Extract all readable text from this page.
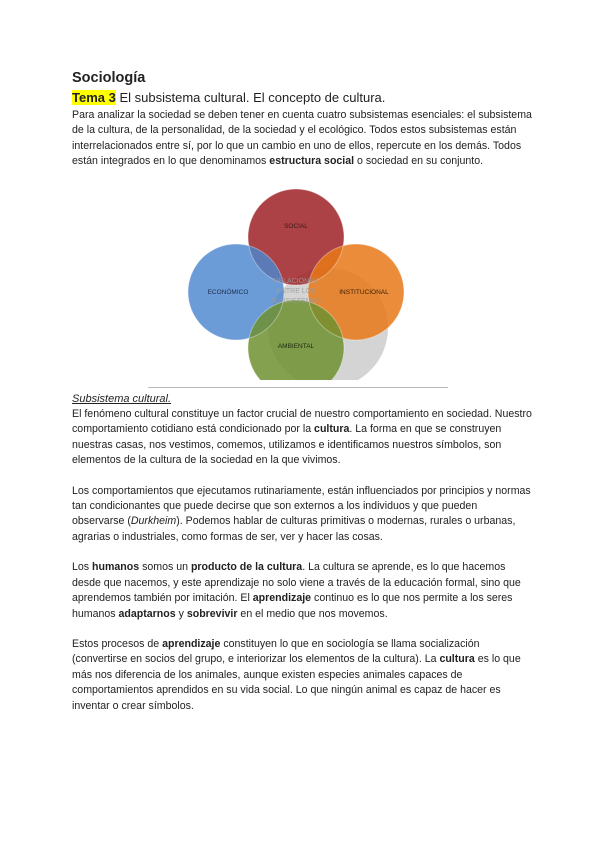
Sociología
Tema 3 El subsistema cultural. El concepto de cultura.

Para analizar la sociedad se deben tener en cuenta cuatro subsistemas esenciales: el subsistema de la cultura, de la personalidad, de la sociedad y el ecológico. Todos estos subsistemas están interrelacionados entre sí, por lo que un cambio en uno de ellos, repercute en los demás. Todos están integrados en lo que denominamos estructura social o sociedad en su conjunto.

SOCIAL
ECONÓMICO	INSTITUCIONAL
AMBIENTAL
RELACIONES
ENTRE LOS
SUBSISTEMAS
Subsistema cultural.

El fenómeno cultural constituye un factor crucial de nuestro comportamiento en sociedad. Nuestro comportamiento cotidiano está condicionado por la cultura. La forma en que se construyen nuestras casas, nos vestimos, comemos, utilizamos e identificamos nuestros símbolos, son elementos de la cultura de la sociedad en la que vivimos.

Los comportamientos que ejecutamos rutinariamente, están influenciados por principios y normas tan condicionantes que puede decirse que son externos a los individuos y que pueden observarse (Durkheim). Podemos hablar de culturas primitivas o modernas, rurales o urbanas, agrarias o industriales, como formas de ser, ver y hacer las cosas.

Los humanos somos un producto de la cultura. La cultura se aprende, es lo que hacemos desde que nacemos, y este aprendizaje no solo viene a través de la educación formal, sino que aprendemos también por imitación. El aprendizaje continuo es lo que nos permite a los seres humanos adaptarnos y sobrevivir en el medio que nos movemos.

Estos procesos de aprendizaje constituyen lo que en sociología se llama socialización (convertirse en socios del grupo, e interiorizar los elementos de la cultura). La cultura es lo que más nos diferencia de los animales, aunque existen especies animales capaces de comportamientos aprendidos en su vida social. Lo que ningún animal es capaz de hacer es inventar o crear símbolos.
